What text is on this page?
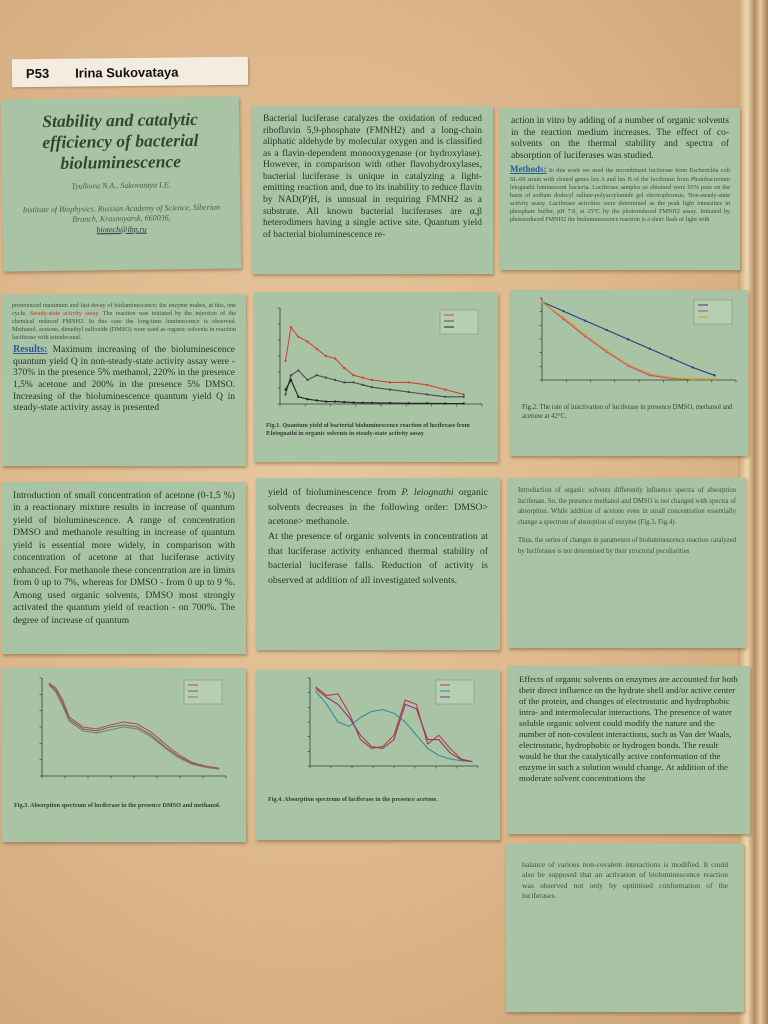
P53 Irina Sukovataya
Stability and catalytic efficiency of bacterial bioluminescence
Tyulkova N.A., Sukovataya I.E.
Institute of Biophysics, Russian Academy of Science, Siberian Branch, Krasnoyarsk, 660036,
biotech@ibp.ru
Bacterial luciferase catalyzes the oxidation of reduced riboflavin 5,9-phosphate (FMNH2) and a long-chain aliphatic aldehyde by molecular oxygen and is classified as a flavin-dependent monooxygenase (or hydroxylase). However, in comparison with other flavohydroxylases, bacterial luciferase is unique in catalyzing a light-emitting reaction and, due to its inability to reduce flavin by NAD(P)H, is unusual in requiring FMNH2 as a substrate. All known bacterial luciferases are α,β heterodimers having a single active site. Quantum yield of bacterial bioluminescence re-
action in vitro by adding of a number of organic solvents in the reaction medium increases. The effect of co-solvents on the thermal stability and spectra of absorption of luciferases was studied.
Methods: In this work we used the recombinant luciferase from Escherichia coli SL-60 strain with cloned genes lux A and lux B of the luciferase from Photobacterium leiognathi luminescent bacteria. Luciferase samples so obtained were 95% pure on the basis of sodium dodecyl sulfate-polyacrylamide gel electrophoresis. Non-steady-state activity assay. Luciferase activities were determined as the peak light intensities in phosphate buffer, pH 7.0, at 25°C by the photoreduced FMNH2 assay. Initiated by photoreduced FMNH2 the bioluminescence reaction is a short flash of light with
pronounced maximum and fast decay of bioluminescence; the enzyme makes, at this, one cycle. Steady-state activity assay. The reaction was initiated by the injection of the chemical reduced FMNH2. In this case the long-time luminescence is observed. Methanol, acetone, dimethyl sulfoxide (DMSO) were used as organic solvents in reaction luciferase with tetradecanal.
Results: Maximum increasing of the bioluminescence quantum yield Q in non-steady-state activity assay were - 370% in the presence 5% methanol, 220% in the presence 1,5% acetone and 200% in the presence 5% DMSO. Increasing of the bioluminescence quantum yield Q in steady-state activity assay is presented
Fig.1. Quantum yield of bacterial bioluminescence reaction of luciferase from P.leiognathi in organic solvents in steady-state activity assay
Fig.2. The rate of inactivation of luciferase in presence DMSO, methanol and acetone at 42°C.
Introduction of small concentration of acetone (0-1,5 %) in a reactionary mixture results in increase of quantum yield of bioluminescence. A range of concentration DMSO and methanole resulting in increase of quantum yield is essential more widely, in comparison with concentration of acetone at that luciferase activity enhanced. For methanole these concentration are in limits from 0 up to 7%, whereas for DMSO - from 0 up to 9 %. Among used organic solvents, DMSO most strongly activated the quantum yield of reaction - on 700%. The degree of increase of quantum
yield of bioluminescence from P. leiognathi organic solvents decreases in the following order: DMSO> acetone> methanole.
At the presence of organic solvents in concentration at that luciferase activity enhanced thermal stability of bacterial luciferase falls. Reduction of activity is observed at addition of all investigated solvents.
Introduction of organic solvents differently influence spectra of absorption luciferase. So, the presence methanol and DMSO is not changed with spectra of absorption. While addition of acetone even in small concentration essentially change a spectrum of absorption of enzyme (Fig.3, Fig.4).
Thus, the series of changes in parameters of bioluminescence reaction catalyzed by luciferases is not determined by their structural peculiarities
Fig.3. Absorption spectrum of luciferase in the presence DMSO and methanol.
Fig.4. Absorption spectrum of luciferase in the presence acetone.
Effects of organic solvents on enzymes are accounted for both their direct influence on the hydrate shell and/or active center of the protein, and changes of electrostatic and hydrophobic intra- and intermolecular interactions. The presence of water soluble organic solvent could modify the nature and the number of non-covalent interactions, such as Van der Waals, electrostatic, hydrophobic or hydrogen bonds. The result would be that the catalytically active conformation of the enzyme in such a solution would change. At addition of the moderate solvent concentrations the
balance of various non-covalent interactions is modified. It could also be supposed that an activation of bioluminescence reaction was observed not only by optimised conformation of the luciferases.
